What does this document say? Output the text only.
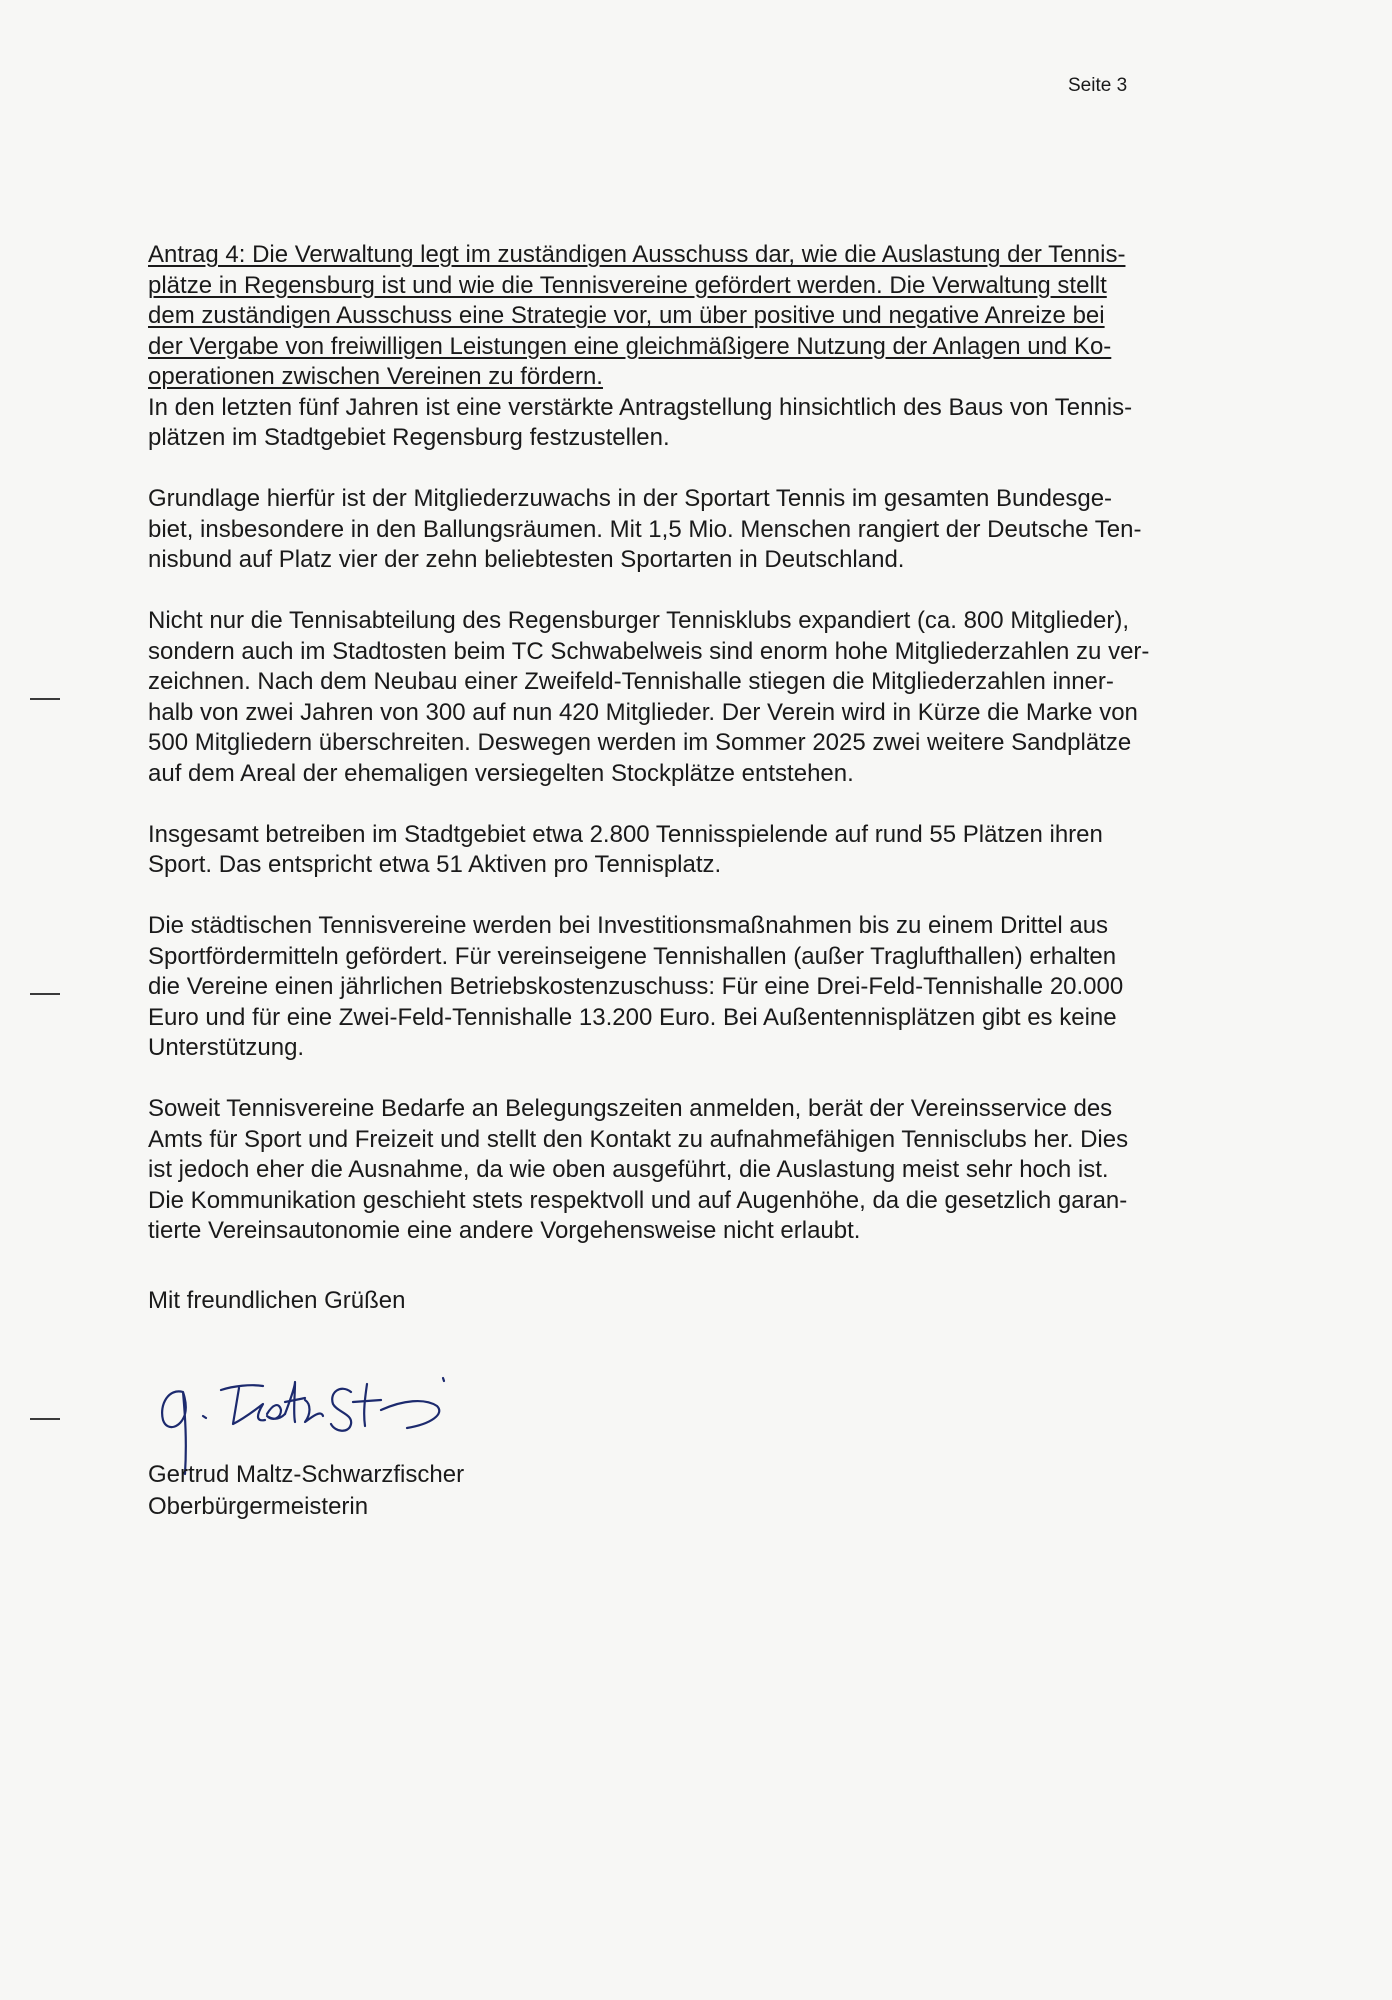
Seite 3
Antrag 4: Die Verwaltung legt im zuständigen Ausschuss dar, wie die Auslastung der Tennis-
plätze in Regensburg ist und wie die Tennisvereine gefördert werden. Die Verwaltung stellt
dem zuständigen Ausschuss eine Strategie vor, um über positive und negative Anreize bei
der Vergabe von freiwilligen Leistungen eine gleichmäßigere Nutzung der Anlagen und Ko-
operationen zwischen Vereinen zu fördern.
In den letzten fünf Jahren ist eine verstärkte Antragstellung hinsichtlich des Baus von Tennis-
plätzen im Stadtgebiet Regensburg festzustellen.
Grundlage hierfür ist der Mitgliederzuwachs in der Sportart Tennis im gesamten Bundesge-
biet, insbesondere in den Ballungsräumen. Mit 1,5 Mio. Menschen rangiert der Deutsche Ten-
nisbund auf Platz vier der zehn beliebtesten Sportarten in Deutschland.
Nicht nur die Tennisabteilung des Regensburger Tennisklubs expandiert (ca. 800 Mitglieder),
sondern auch im Stadtosten beim TC Schwabelweis sind enorm hohe Mitgliederzahlen zu ver-
zeichnen. Nach dem Neubau einer Zweifeld-Tennishalle stiegen die Mitgliederzahlen inner-
halb von zwei Jahren von 300 auf nun 420 Mitglieder. Der Verein wird in Kürze die Marke von
500 Mitgliedern überschreiten. Deswegen werden im Sommer 2025 zwei weitere Sandplätze
auf dem Areal der ehemaligen versiegelten Stockplätze entstehen.
Insgesamt betreiben im Stadtgebiet etwa 2.800 Tennisspielende auf rund 55 Plätzen ihren
Sport. Das entspricht etwa 51 Aktiven pro Tennisplatz.
Die städtischen Tennisvereine werden bei Investitionsmaßnahmen bis zu einem Drittel aus
Sportfördermitteln gefördert. Für vereinseigene Tennishallen (außer Traglufthallen) erhalten
die Vereine einen jährlichen Betriebskostenzuschuss: Für eine Drei-Feld-Tennishalle 20.000
Euro und für eine Zwei-Feld-Tennishalle 13.200 Euro. Bei Außentennisplätzen gibt es keine
Unterstützung.
Soweit Tennisvereine Bedarfe an Belegungszeiten anmelden, berät der Vereinsservice des
Amts für Sport und Freizeit und stellt den Kontakt zu aufnahmefähigen Tennisclubs her. Dies
ist jedoch eher die Ausnahme, da wie oben ausgeführt, die Auslastung meist sehr hoch ist.
Die Kommunikation geschieht stets respektvoll und auf Augenhöhe, da die gesetzlich garan-
tierte Vereinsautonomie eine andere Vorgehensweise nicht erlaubt.
Mit freundlichen Grüßen
Gertrud Maltz-Schwarzfischer
Oberbürgermeisterin
